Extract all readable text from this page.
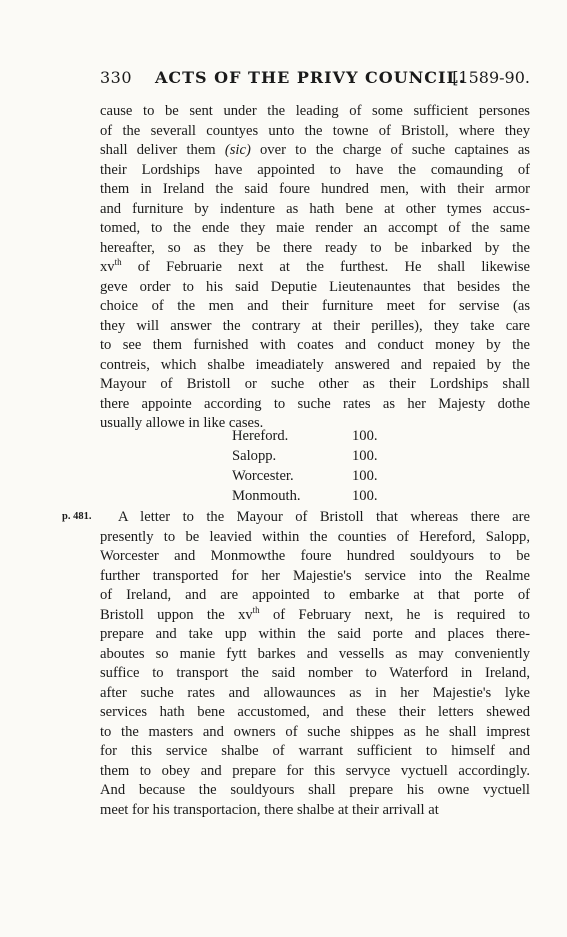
330 ACTS OF THE PRIVY COUNCIL.
[1589-90.
cause to be sent under the leading of some sufficient persones
of the severall countyes unto the towne of Bristoll, where they
shall deliver them (sic) over to the charge of suche captaines as
their Lordships have appointed to have the comaunding of
them in Ireland the said foure hundred men, with their armor
and furniture by indenture as hath bene at other tymes accus-
tomed, to the ende they maie render an accompt of the same
hereafter, so as they be there ready to be inbarked by the
$xv^{th}$ of Februarie next at the furthest. He shall likewise
geve order to his said Deputie Lieutenauntes that besides the
choice of the men and their furniture meet for servise (as
they will answer the contrary at their perilles), they take care
to see them furnished with coates and conduct money by the
contreis, which shalbe imeadiately answered and repaied by the
Mayour of Bristoll or suche other as their Lordships shall
there appointe according to suche rates as her Majesty dothe
usually allowe in like cases.
Hereford.	100.
Salopp.	100.
Worcester.	100.
Monmouth.	100.
p. 481.	A letter to the Mayour of Bristoll that whereas there are
presently to be leavied within the counties of Hereford, Salopp,
Worcester and Monmowthe foure hundred souldyours to be
further transported for her Majestie's service into the Realme
of Ireland, and are appointed to embarke at that porte of
Bristoll uppon the $xv^{th}$ of February next, he is required to
prepare and take upp within the said porte and places there-
aboutes so manie fytt barkes and vessells as may conveniently
suffice to transport the said nomber to Waterford in Ireland,
after suche rates and allowaunces as in her Majestie's lyke
services hath bene accustomed, and these their letters shewed
to the masters and owners of suche shippes as he shall imprest
for this service shalbe of warrant sufficient to himself and
them to obey and prepare for this servyce vyctuell accordingly.
And because the souldyours shall prepare his owne vyctuell
meet for his transportacion, there shalbe at their arrivall at
